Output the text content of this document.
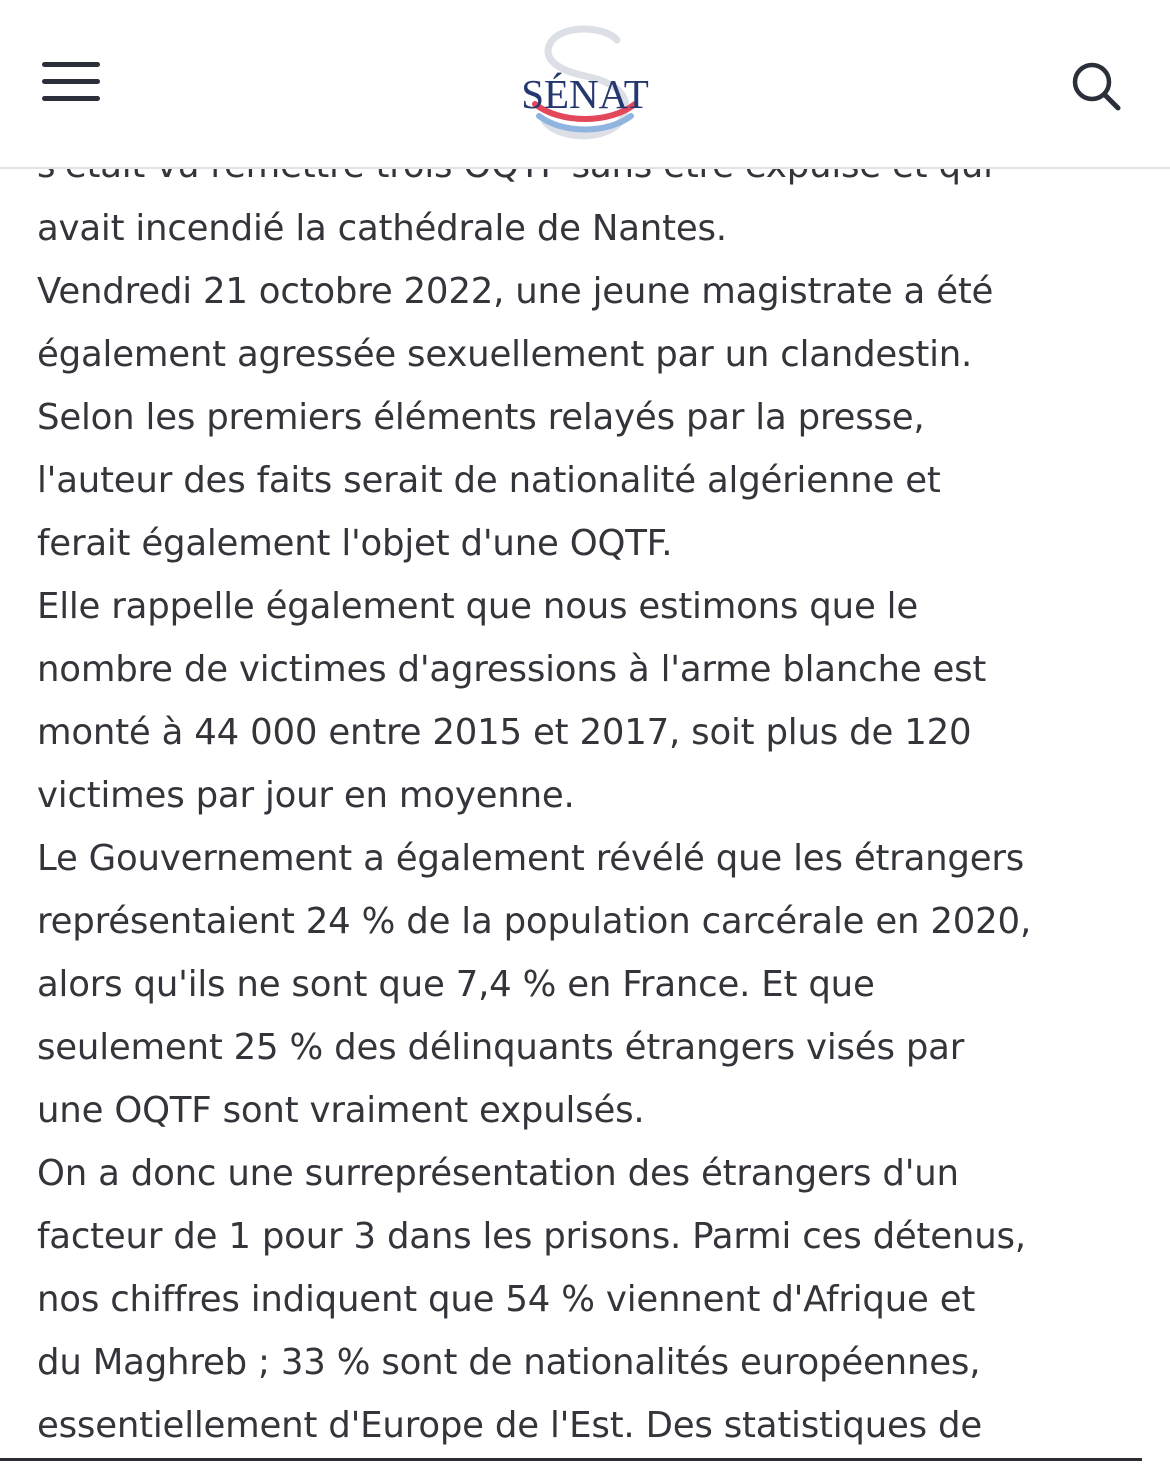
SÉNAT

avait incendié la cathédrale de Nantes.

Vendredi 21 octobre 2022, une jeune magistrate a été

également agressée sexuellement par un clandestin.

Selon les premiers éléments relayés par la presse,

l'auteur des faits serait de nationalité algérienne et

ferait également l'objet d'une OQTF.

Elle rappelle également que nous estimons que le

nombre de victimes d'agressions à l'arme blanche est

monté à 44 000 entre 2015 et 2017, soit plus de 120

victimes par jour en moyenne.

Le Gouvernement a également révélé que les étrangers

représentaient 24 % de la population carcérale en 2020,

alors qu'ils ne sont que 7,4 % en France. Et que

seulement 25 % des délinquants étrangers visés par

une OQTF sont vraiment expulsés.

On a donc une surreprésentation des étrangers d'un

facteur de 1 pour 3 dans les prisons. Parmi ces détenus,

nos chiffres indiquent que 54 % viennent d'Afrique et

du Maghreb ; 33 % sont de nationalités européennes,

essentiellement d'Europe de l'Est. Des statistiques de
